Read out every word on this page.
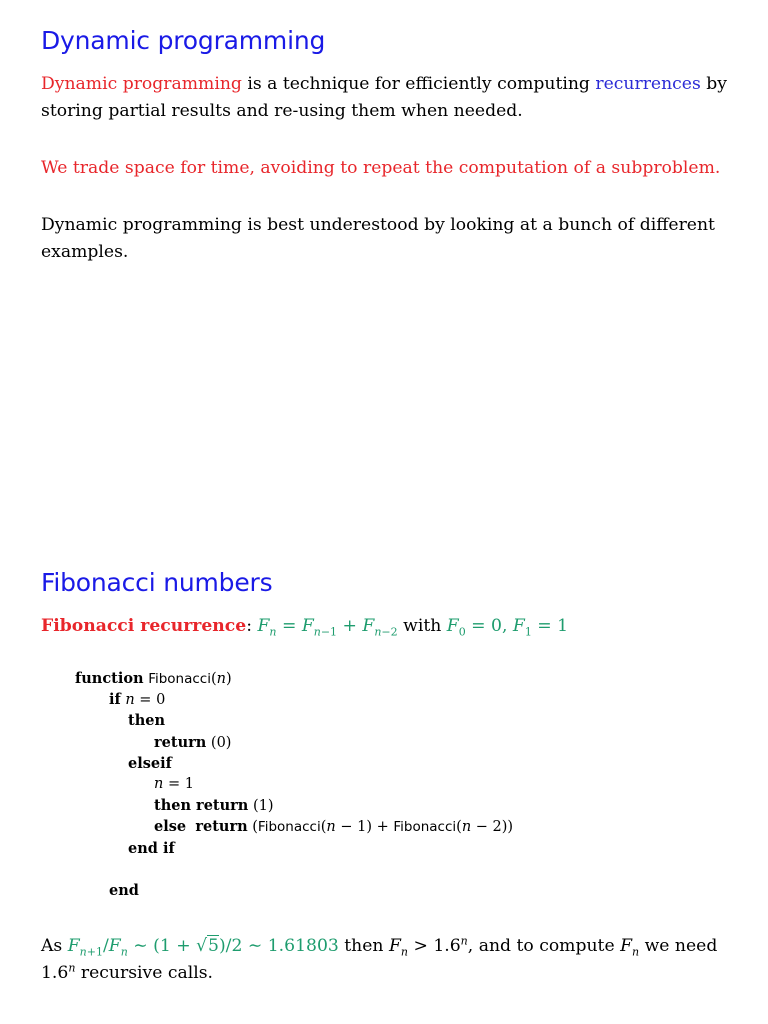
Dynamic programming

Dynamic programming is a technique for efficiently computing recurrences by storing partial results and re-using them when needed.

We trade space for time, avoiding to repeat the computation of a subproblem.

Dynamic programming is best underestood by looking at a bunch of different examples.

Fibonacci numbers

Fibonacci recurrence: $F_n = F_{n-1} + F_{n-2}$ with $F_0 = 0$, $F_1 = 1$

function Fibonacci(n)
if n = 0
then
return (0)
elseif
n = 1
then return (1)
else return (Fibonacci(n − 1) + Fibonacci(n − 2))
end if
end

As $F_{n+1}/F_n$ ∼ (1 + √5)/2 ∼ 1.61803 then $F_n > 1.6^n$, and to compute $F_n$ we need 1.6$^n$ recursive calls.
